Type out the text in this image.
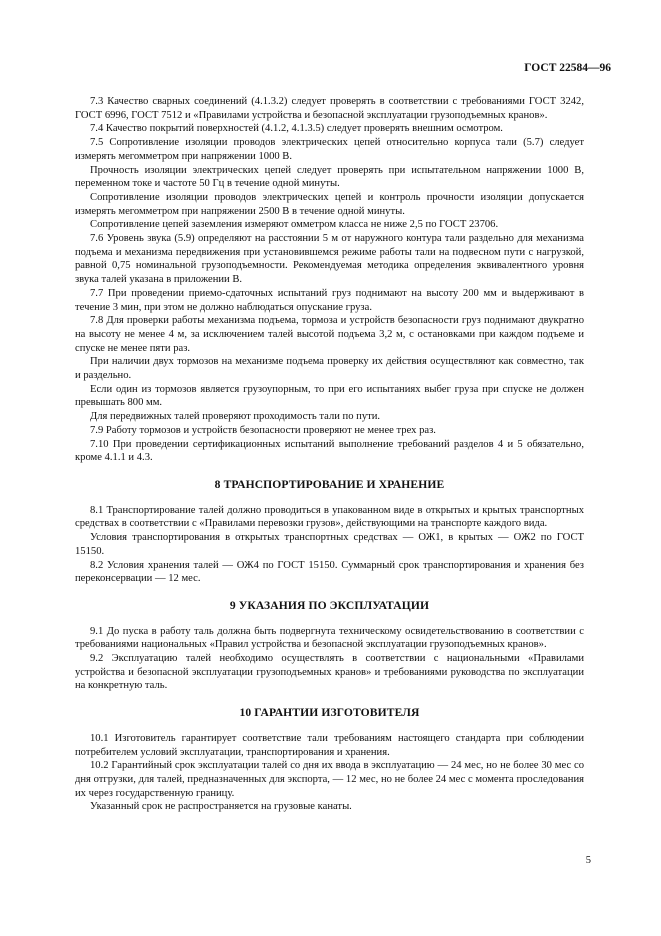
ГОСТ 22584—96

7.3 Качество сварных соединений (4.1.3.2) следует проверять в соответствии с требованиями ГОСТ 3242, ГОСТ 6996, ГОСТ 7512 и «Правилами устройства и безопасной эксплуатации грузоподъемных кранов».

7.4 Качество покрытий поверхностей (4.1.2, 4.1.3.5) следует проверять внешним осмотром.

7.5 Сопротивление изоляции проводов электрических цепей относительно корпуса тали (5.7) следует измерять мегомметром при напряжении 1000 В.

Прочность изоляции электрических цепей следует проверять при испытательном напряжении 1000 В, переменном токе и частоте 50 Гц в течение одной минуты.

Сопротивление изоляции проводов электрических цепей и контроль прочности изоляции допускается измерять мегомметром при напряжении 2500 В в течение одной минуты.

Сопротивление цепей заземления измеряют омметром класса не ниже 2,5 по ГОСТ 23706.

7.6 Уровень звука (5.9) определяют на расстоянии 5 м от наружного контура тали раздельно для механизма подъема и механизма передвижения при установившемся режиме работы тали на подвесном пути с нагрузкой, равной 0,75 номинальной грузоподъемности. Рекомендуемая методика определения эквивалентного уровня звука талей указана в приложении В.

7.7 При проведении приемо-сдаточных испытаний груз поднимают на высоту 200 мм и выдерживают в течение 3 мин, при этом не должно наблюдаться опускание груза.

7.8 Для проверки работы механизма подъема, тормоза и устройств безопасности груз поднимают двукратно на высоту не менее 4 м, за исключением талей высотой подъема 3,2 м, с остановками при каждом подъеме и спуске не менее пяти раз.

При наличии двух тормозов на механизме подъема проверку их действия осуществляют как совместно, так и раздельно.

Если один из тормозов является грузоупорным, то при его испытаниях выбег груза при спуске не должен превышать 800 мм.

Для передвижных талей проверяют проходимость тали по пути.

7.9 Работу тормозов и устройств безопасности проверяют не менее трех раз.

7.10 При проведении сертификационных испытаний выполнение требований разделов 4 и 5 обязательно, кроме 4.1.1 и 4.3.

8 ТРАНСПОРТИРОВАНИЕ И ХРАНЕНИЕ

8.1 Транспортирование талей должно проводиться в упакованном виде в открытых и крытых транспортных средствах в соответствии с «Правилами перевозки грузов», действующими на транспорте каждого вида.

Условия транспортирования в открытых транспортных средствах — ОЖ1, в крытых — ОЖ2 по ГОСТ 15150.

8.2 Условия хранения талей — ОЖ4 по ГОСТ 15150. Суммарный срок транспортирования и хранения без переконсервации — 12 мес.

9 УКАЗАНИЯ ПО ЭКСПЛУАТАЦИИ

9.1 До пуска в работу таль должна быть подвергнута техническому освидетельствованию в соответствии с требованиями национальных «Правил устройства и безопасной эксплуатации грузоподъемных кранов».

9.2 Эксплуатацию талей необходимо осуществлять в соответствии с национальными «Правилами устройства и безопасной эксплуатации грузоподъемных кранов» и требованиями руководства по эксплуатации на конкретную таль.

10 ГАРАНТИИ ИЗГОТОВИТЕЛЯ

10.1 Изготовитель гарантирует соответствие тали требованиям настоящего стандарта при соблюдении потребителем условий эксплуатации, транспортирования и хранения.

10.2 Гарантийный срок эксплуатации талей со дня их ввода в эксплуатацию — 24 мес, но не более 30 мес со дня отгрузки, для талей, предназначенных для экспорта, — 12 мес, но не более 24 мес с момента проследования их через государственную границу.

Указанный срок не распространяется на грузовые канаты.

5
